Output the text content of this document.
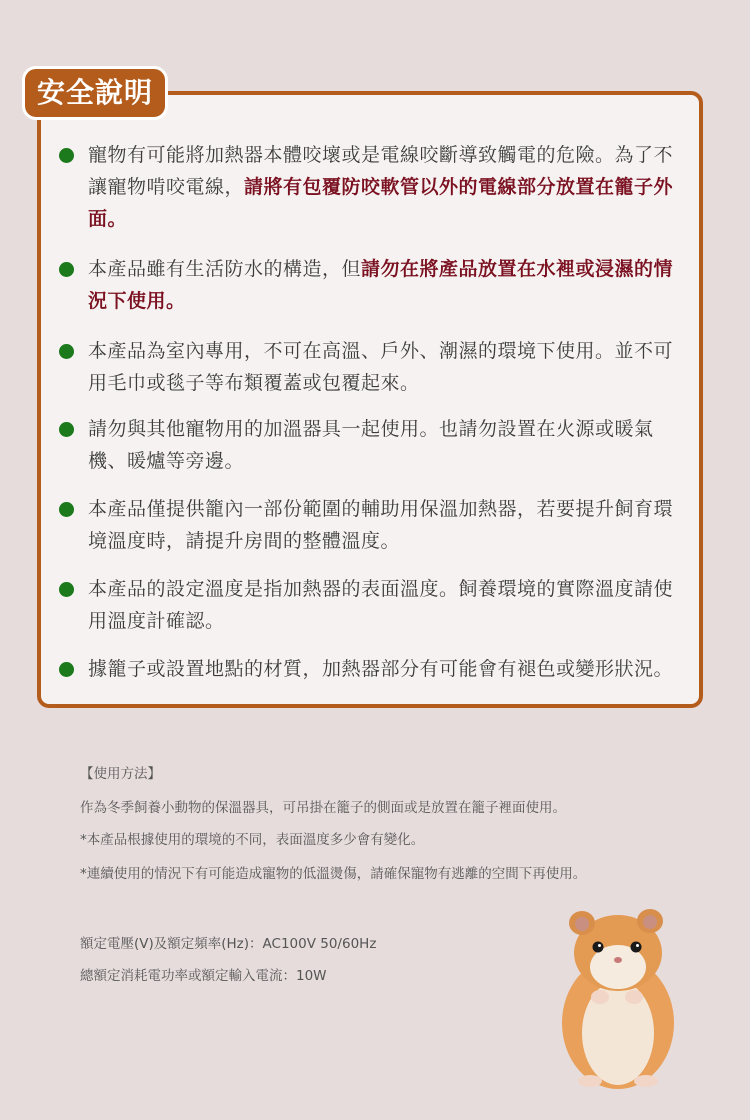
安全說明
寵物有可能將加熱器本體咬壞或是電線咬斷導致觸電的危險。為了不讓寵物啃咬電線，請將有包覆防咬軟管以外的電線部分放置在籠子外面。
本產品雖有生活防水的構造，但請勿在將產品放置在水裡或浸濕的情況下使用。
本產品為室內專用，不可在高溫、戶外、潮濕的環境下使用。並不可用毛巾或毯子等布類覆蓋或包覆起來。
請勿與其他寵物用的加溫器具一起使用。也請勿設置在火源或暖氣機、暖爐等旁邊。
本產品僅提供籠內一部份範圍的輔助用保溫加熱器，若要提升飼育環境溫度時，請提升房間的整體溫度。
本產品的設定溫度是指加熱器的表面溫度。飼養環境的實際溫度請使用溫度計確認。
據籠子或設置地點的材質，加熱器部分有可能會有褪色或變形狀況。

【使用方法】

作為冬季飼養小動物的保溫器具，可吊掛在籠子的側面或是放置在籠子裡面使用。

*本產品根據使用的環境的不同，表面溫度多少會有變化。

*連續使用的情況下有可能造成寵物的低溫燙傷，請確保寵物有逃離的空間下再使用。

額定電壓(V)及額定頻率(Hz)：AC100V 50/60Hz

總額定消耗電功率或額定輸入電流：10W
